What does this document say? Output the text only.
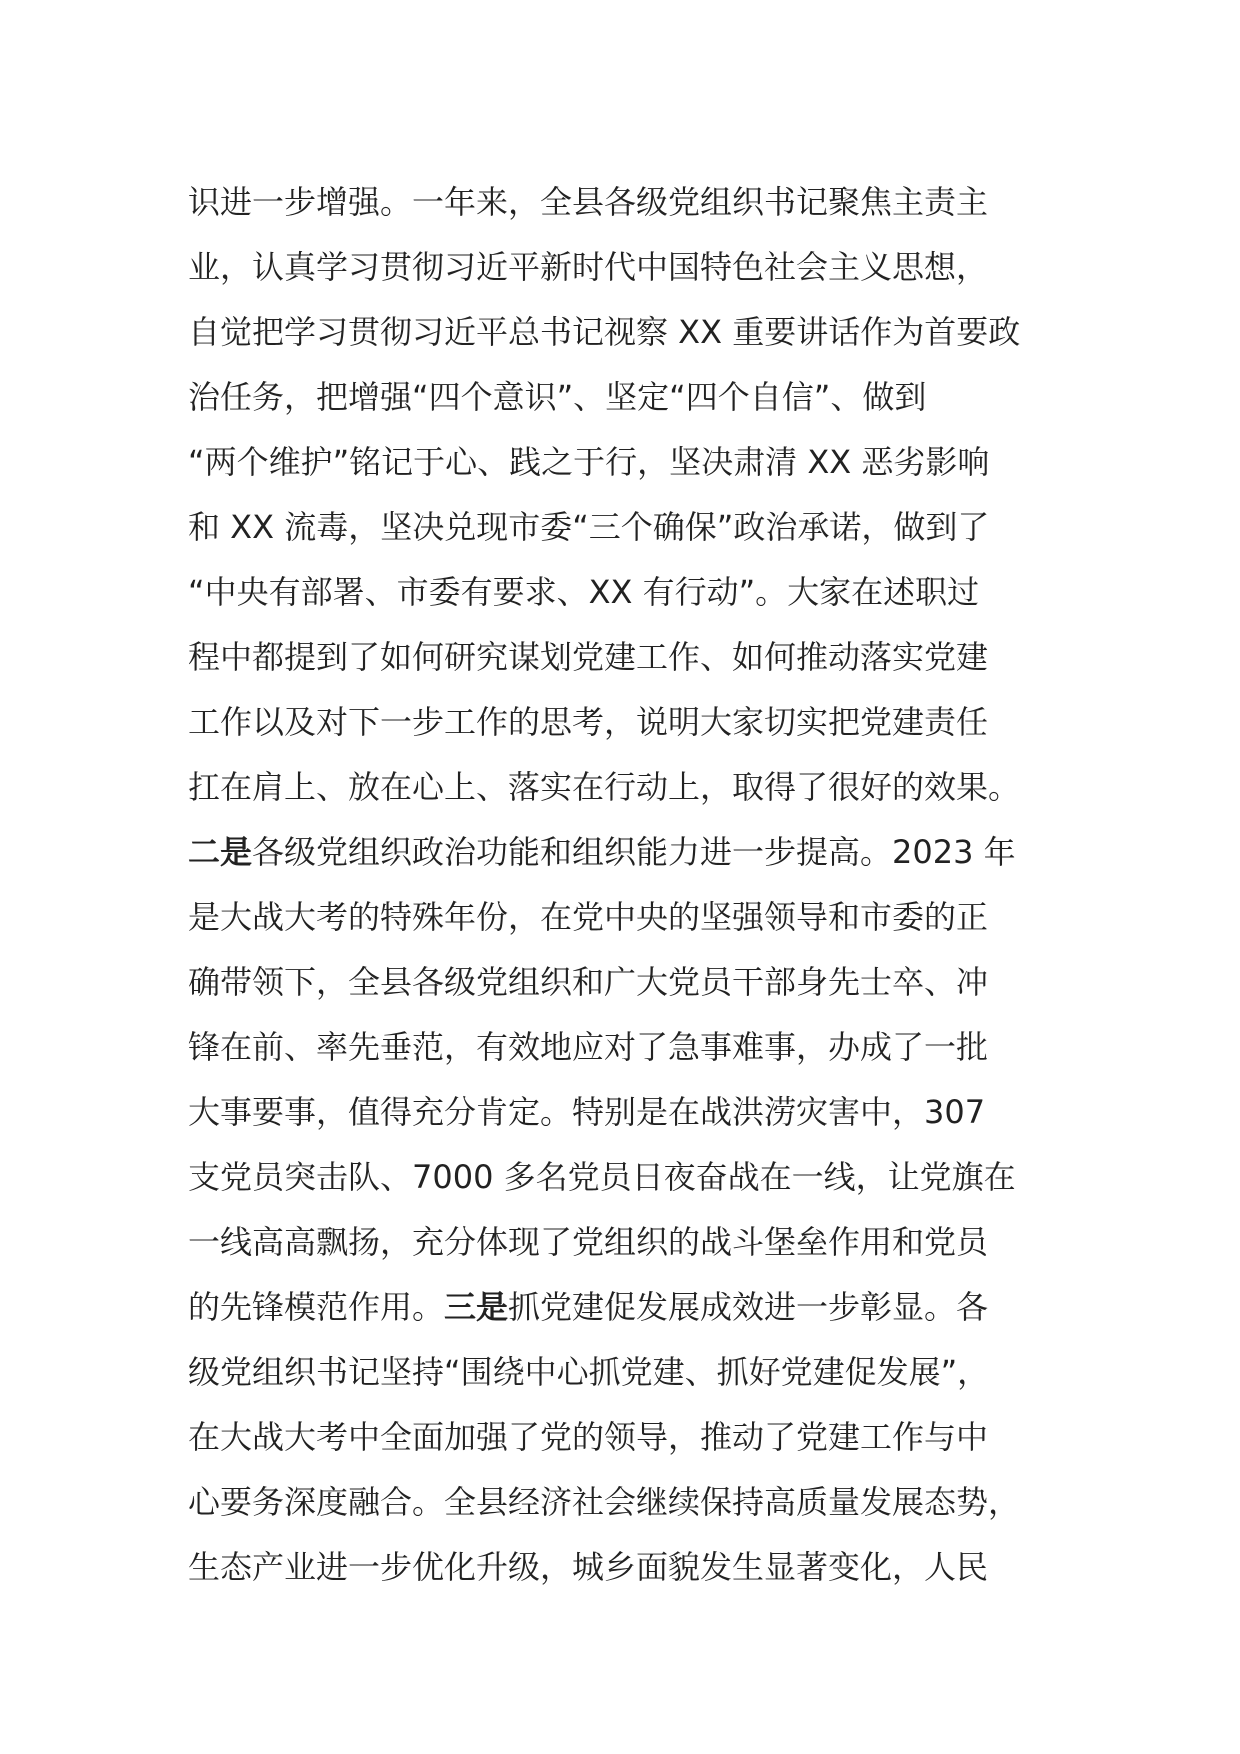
识进一步增强。一年来，全县各级党组织书记聚焦主责主
业，认真学习贯彻习近平新时代中国特色社会主义思想，
自觉把学习贯彻习近平总书记视察 XX 重要讲话作为首要政
治任务，把增强“四个意识”、坚定“四个自信”、做到
“两个维护”铭记于心、践之于行，坚决肃清 XX 恶劣影响
和 XX 流毒，坚决兑现市委“三个确保”政治承诺，做到了
“中央有部署、市委有要求、XX 有行动”。大家在述职过
程中都提到了如何研究谋划党建工作、如何推动落实党建
工作以及对下一步工作的思考，说明大家切实把党建责任
扛在肩上、放在心上、落实在行动上，取得了很好的效果。
二是各级党组织政治功能和组织能力进一步提高。2023 年
是大战大考的特殊年份，在党中央的坚强领导和市委的正
确带领下，全县各级党组织和广大党员干部身先士卒、冲
锋在前、率先垂范，有效地应对了急事难事，办成了一批
大事要事，值得充分肯定。特别是在战洪涝灾害中，307
支党员突击队、7000 多名党员日夜奋战在一线，让党旗在
一线高高飘扬，充分体现了党组织的战斗堡垒作用和党员
的先锋模范作用。三是抓党建促发展成效进一步彰显。各
级党组织书记坚持“围绕中心抓党建、抓好党建促发展”，
在大战大考中全面加强了党的领导，推动了党建工作与中
心要务深度融合。全县经济社会继续保持高质量发展态势，
生态产业进一步优化升级，城乡面貌发生显著变化，人民
